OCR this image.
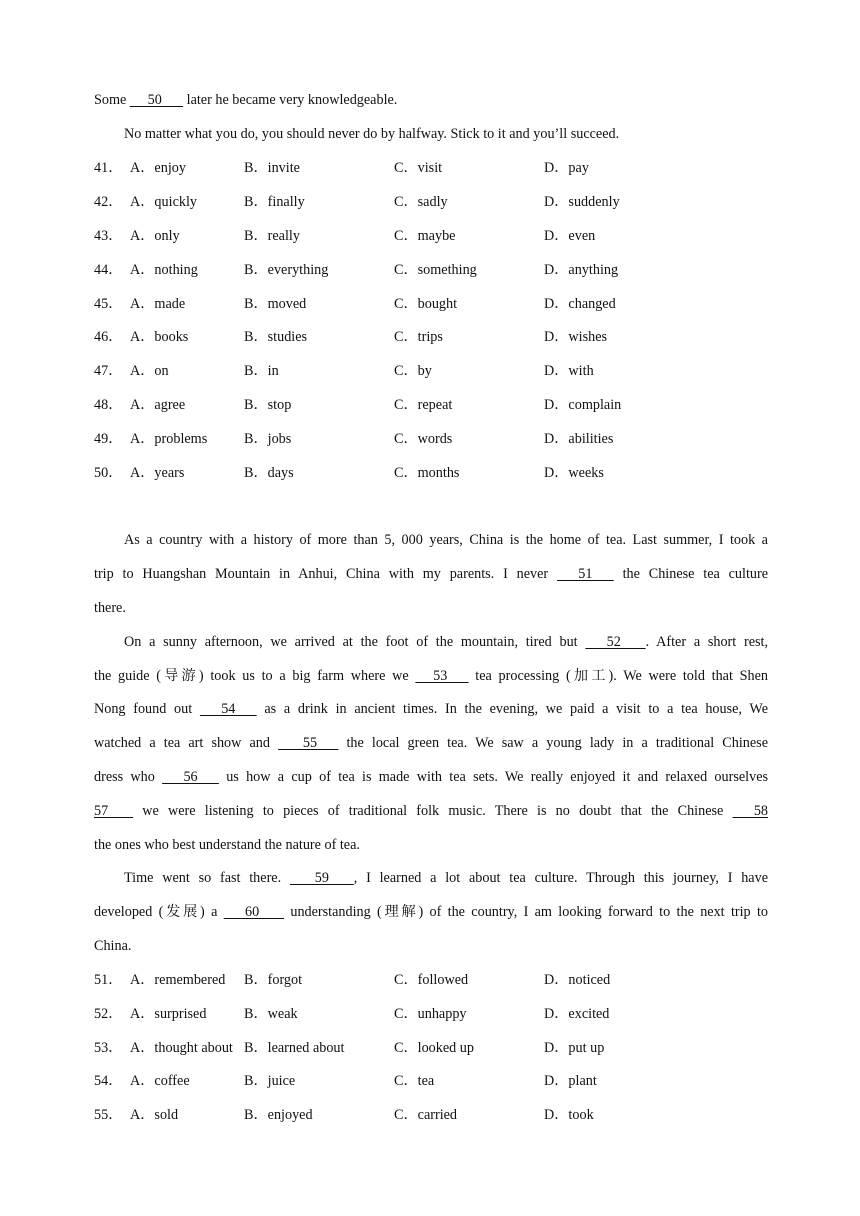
Some      50       later he became very knowledgeable.
No matter what you do, you should never do by halfway. Stick to it and you’ll succeed.
41． A．enjoy	B．invite	C．visit	D．pay
42． A．quickly	B．finally	C．sadly	D．suddenly
43． A．only	B．really	C．maybe	D．even
44． A．nothing	B．everything	C．something	D．anything
45． A．made	B．moved	C．bought	D．changed
46． A．books	B．studies	C．trips	D．wishes
47． A．on	B．in	C．by	D．with
48． A．agree	B．stop	C．repeat	D．complain
49． A．problems	B．jobs	C．words	D．abilities
50． A．years	B．days	C．months	D．weeks
As a country with a history of more than 5, 000 years, China is the home of tea. Last summer, I took a
trip to Huangshan Mountain in Anhui, China with my parents. I never       51       the Chinese tea culture
there.
On a sunny afternoon, we arrived at the foot of the mountain, tired but       52       . After a short rest,
the guide (导游) took us to a big farm where we      53       tea processing (加工). We were told that Shen
Nong found out       54       as a drink in ancient times. In the evening, we paid a visit to a tea house, We
watched a tea art show and        55       the local green tea. We saw a young lady in a traditional Chinese
dress who       56       us how a cup of tea is made with tea sets. We really enjoyed it and relaxed ourselves
57        we were listening to pieces of traditional folk music. There is no doubt that the Chinese       58
the ones who best understand the nature of tea.
Time went so fast there.        59       , I learned a lot about tea culture. Through this journey, I have
developed (发展) a       60        understanding (理解) of the country, I am looking forward to the next trip to
China.
51． A．remembered B．forgot	C．followed	D．noticed
52． A．surprised	B．weak	C．unhappy	D．excited
53． A．thought about B．learned about	C．looked up	D．put up
54． A．coffee	B．juice	C．tea	D．plant
55． A．sold	B．enjoyed	C．carried	D．took
